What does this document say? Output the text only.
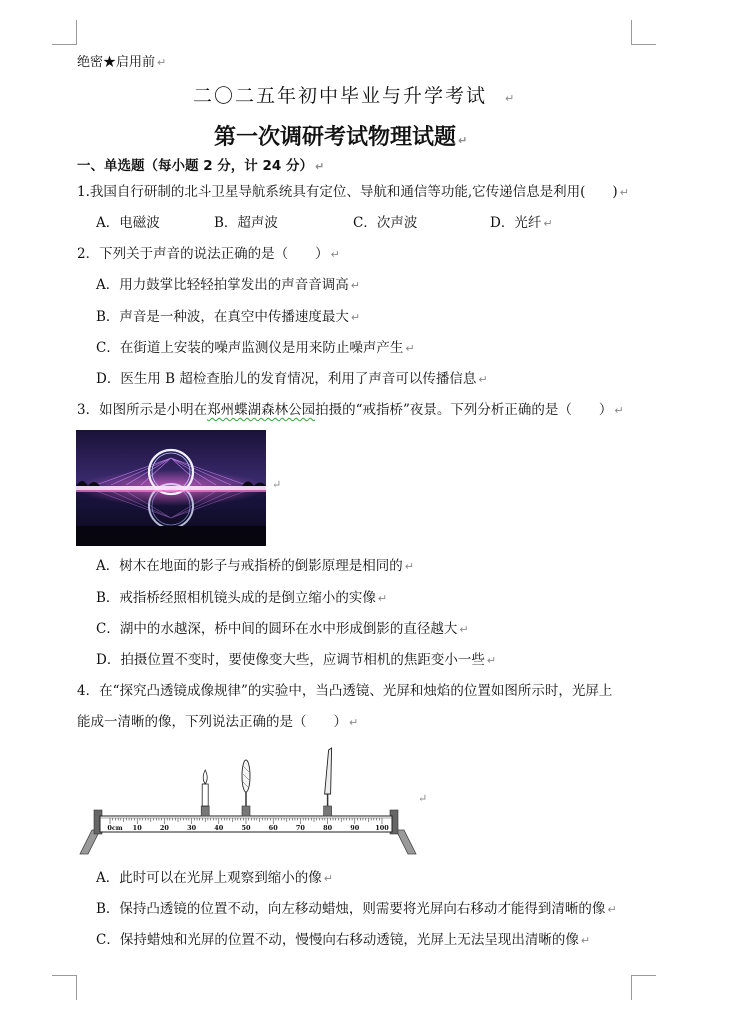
绝密★启用前 ↵
二〇二五年初中毕业与升学考试 ↵
第一次调研考试物理试题 ↵
一、单选题（每小题 2 分，计 24 分） ↵
1.我国自行研制的北斗卫星导航系统具有定位、导航和通信等功能,它传递信息是利用(　　) ↵
A．电磁波	B．超声波	C．次声波	D．光纤 ↵
2．下列关于声音的说法正确的是（　　） ↵
A．用力鼓掌比轻轻拍掌发出的声音音调高 ↵
B．声音是一种波，在真空中传播速度最大 ↵
C．在街道上安装的噪声监测仪是用来防止噪声产生 ↵
D．医生用 B 超检查胎儿的发育情况，利用了声音可以传播信息 ↵
3．如图所示是小明在郑州蝶湖森林公园拍摄的“戒指桥”夜景。下列分析正确的是（　　） ↵
↵
A．树木在地面的影子与戒指桥的倒影原理是相同的 ↵
B．戒指桥经照相机镜头成的是倒立缩小的实像 ↵
C．湖中的水越深，桥中间的圆环在水中形成倒影的直径越大 ↵
D．拍摄位置不变时，要使像变大些，应调节相机的焦距变小一些 ↵
4．在“探究凸透镜成像规律”的实验中，当凸透镜、光屏和烛焰的位置如图所示时，光屏上
能成一清晰的像，下列说法正确的是（　　） ↵
0cm 10	20	30	40	50	60	70	80	90 100
↵
A．此时可以在光屏上观察到缩小的像 ↵
B．保持凸透镜的位置不动，向左移动蜡烛，则需要将光屏向右移动才能得到清晰的像 ↵
C．保持蜡烛和光屏的位置不动，慢慢向右移动透镜，光屏上无法呈现出清晰的像 ↵
